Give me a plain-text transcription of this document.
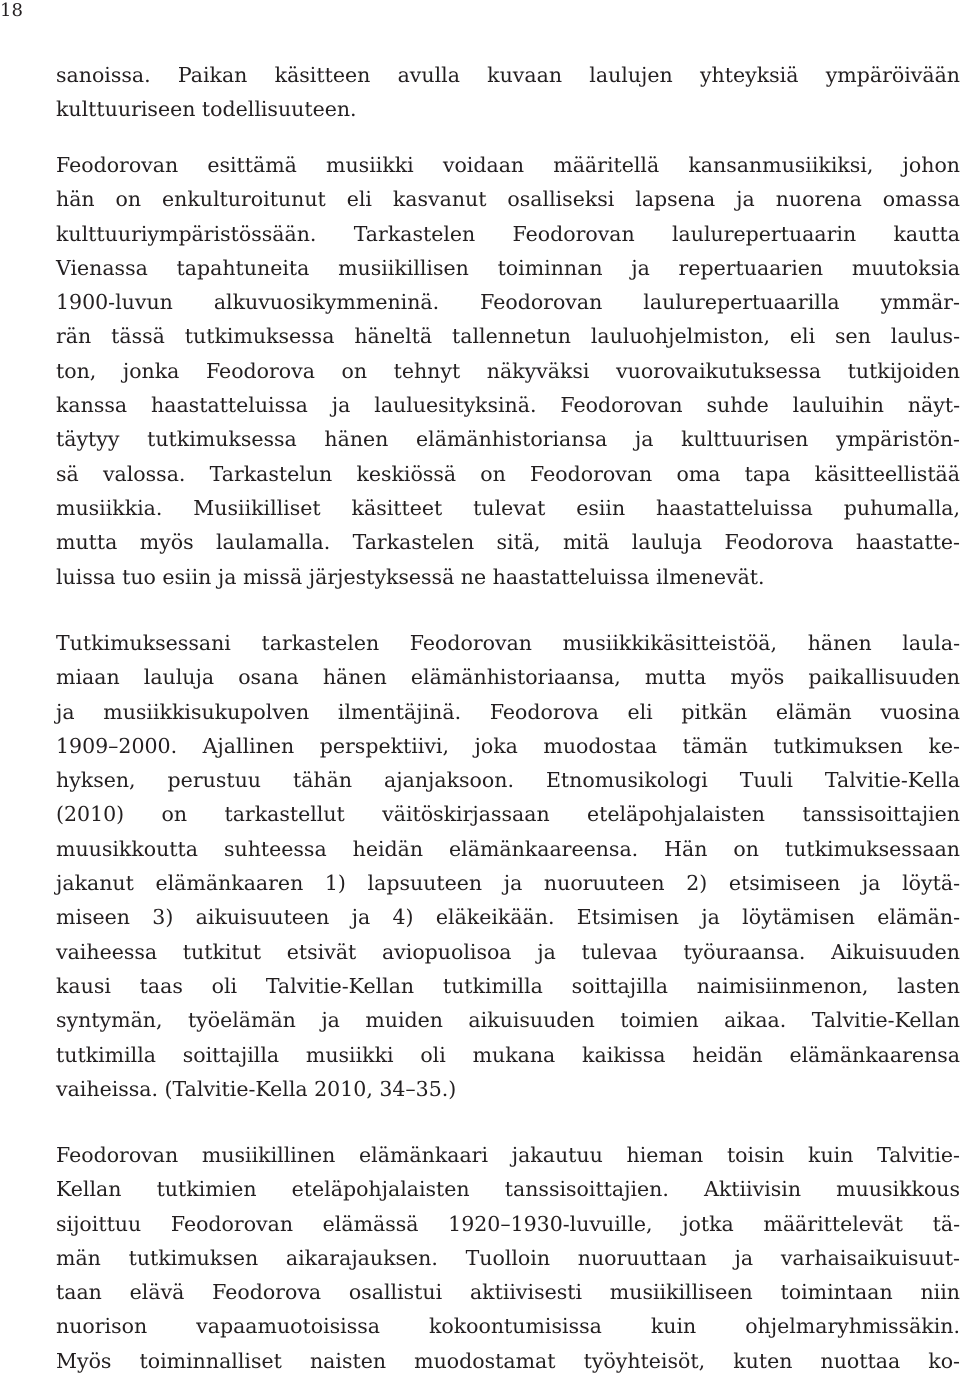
18
sanoissa. Paikan käsitteen avulla kuvaan laulujen yhteyksiä ympäröivään
kulttuuriseen todellisuuteen.
Feodorovan esittämä musiikki voidaan määritellä kansanmusiikiksi, johon
hän on enkulturoitunut eli kasvanut osalliseksi lapsena ja nuorena omassa
kulttuuriympäristössään. Tarkastelen Feodorovan laulurepertuaarin kautta
Vienassa tapahtuneita musiikillisen toiminnan ja repertuaarien muutoksia
1900-luvun alkuvuosikymmeninä. Feodorovan laulurepertuaarilla ymmär-
rän tässä tutkimuksessa häneltä tallennetun lauluohjelmiston, eli sen laulus-
ton, jonka Feodorova on tehnyt näkyväksi vuorovaikutuksessa tutkijoiden
kanssa haastatteluissa ja lauluesityksinä. Feodorovan suhde lauluihin näyt-
täytyy tutkimuksessa hänen elämänhistoriansa ja kulttuurisen ympäristön-
sä valossa. Tarkastelun keskiössä on Feodorovan oma tapa käsitteellistää
musiikkia. Musiikilliset käsitteet tulevat esiin haastatteluissa puhumalla,
mutta myös laulamalla. Tarkastelen sitä, mitä lauluja Feodorova haastatte-
luissa tuo esiin ja missä järjestyksessä ne haastatteluissa ilmenevät.
Tutkimuksessani tarkastelen Feodorovan musiikkikäsitteistöä, hänen laula-
miaan lauluja osana hänen elämänhistoriaansa, mutta myös paikallisuuden
ja musiikkisukupolven ilmentäjinä. Feodorova eli pitkän elämän vuosina
1909–2000. Ajallinen perspektiivi, joka muodostaa tämän tutkimuksen ke-
hyksen, perustuu tähän ajanjaksoon. Etnomusikologi Tuuli Talvitie-Kella
(2010) on tarkastellut väitöskirjassaan eteläpohjalaisten tanssisoittajien
muusikkoutta suhteessa heidän elämänkaareensa. Hän on tutkimuksessaan
jakanut elämänkaaren 1) lapsuuteen ja nuoruuteen 2) etsimiseen ja löytä-
miseen 3) aikuisuuteen ja 4) eläkeikään. Etsimisen ja löytämisen elämän-
vaiheessa tutkitut etsivät aviopuolisoa ja tulevaa työuraansa. Aikuisuuden
kausi taas oli Talvitie-Kellan tutkimilla soittajilla naimisiinmenon, lasten
syntymän, työelämän ja muiden aikuisuuden toimien aikaa. Talvitie-Kellan
tutkimilla soittajilla musiikki oli mukana kaikissa heidän elämänkaarensa
vaiheissa. (Talvitie-Kella 2010, 34–35.)
Feodorovan musiikillinen elämänkaari jakautuu hieman toisin kuin Talvitie-
Kellan tutkimien eteläpohjalaisten tanssisoittajien. Aktiivisin muusikkous
sijoittuu Feodorovan elämässä 1920–1930-luvuille, jotka määrittelevät tä-
män tutkimuksen aikarajauksen. Tuolloin nuoruuttaan ja varhaisaikuisuut-
taan elävä Feodorova osallistui aktiivisesti musiikilliseen toimintaan niin
nuorison vapaamuotoisissa kokoontumisissa kuin ohjelmaryhmissäkin.
Myös toiminnalliset naisten muodostamat työyhteisöt, kuten nuottaa ko-
